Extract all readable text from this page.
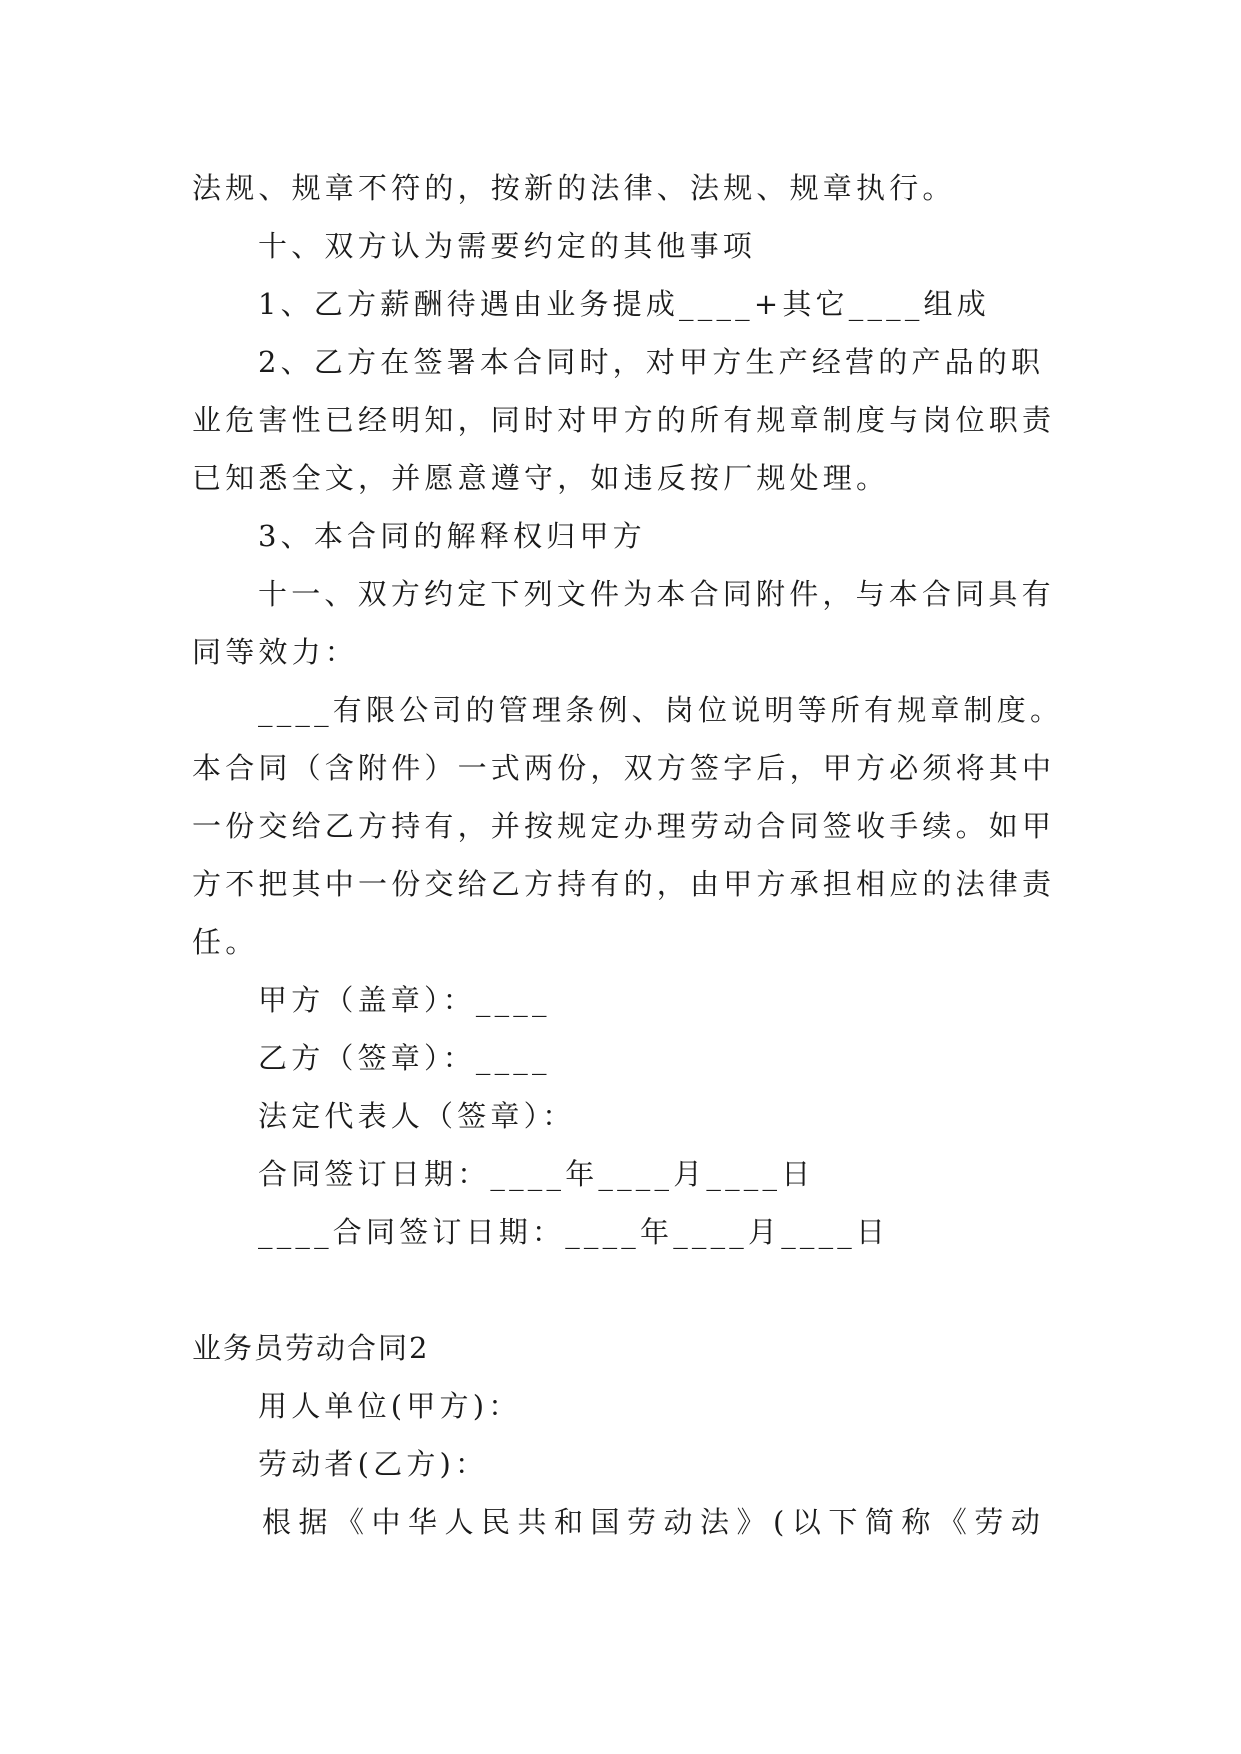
法规、规章不符的，按新的法律、法规、规章执行。

十、双方认为需要约定的其他事项

1、乙方薪酬待遇由业务提成____+其它____组成

2、乙方在签署本合同时，对甲方生产经营的产品的职

业危害性已经明知，同时对甲方的所有规章制度与岗位职责

已知悉全文，并愿意遵守，如违反按厂规处理。

3、本合同的解释权归甲方

十一、双方约定下列文件为本合同附件，与本合同具有

同等效力：

____有限公司的管理条例、岗位说明等所有规章制度。

本合同（含附件）一式两份，双方签字后，甲方必须将其中

一份交给乙方持有，并按规定办理劳动合同签收手续。如甲

方不把其中一份交给乙方持有的，由甲方承担相应的法律责

任。

甲方（盖章）：____

乙方（签章）：____

法定代表人（签章）：

合同签订日期：____年____月____日

____合同签订日期：____年____月____日

业务员劳动合同2

用人单位(甲方)：

劳动者(乙方)：

根据《中华人民共和国劳动法》(以下简称《劳动
